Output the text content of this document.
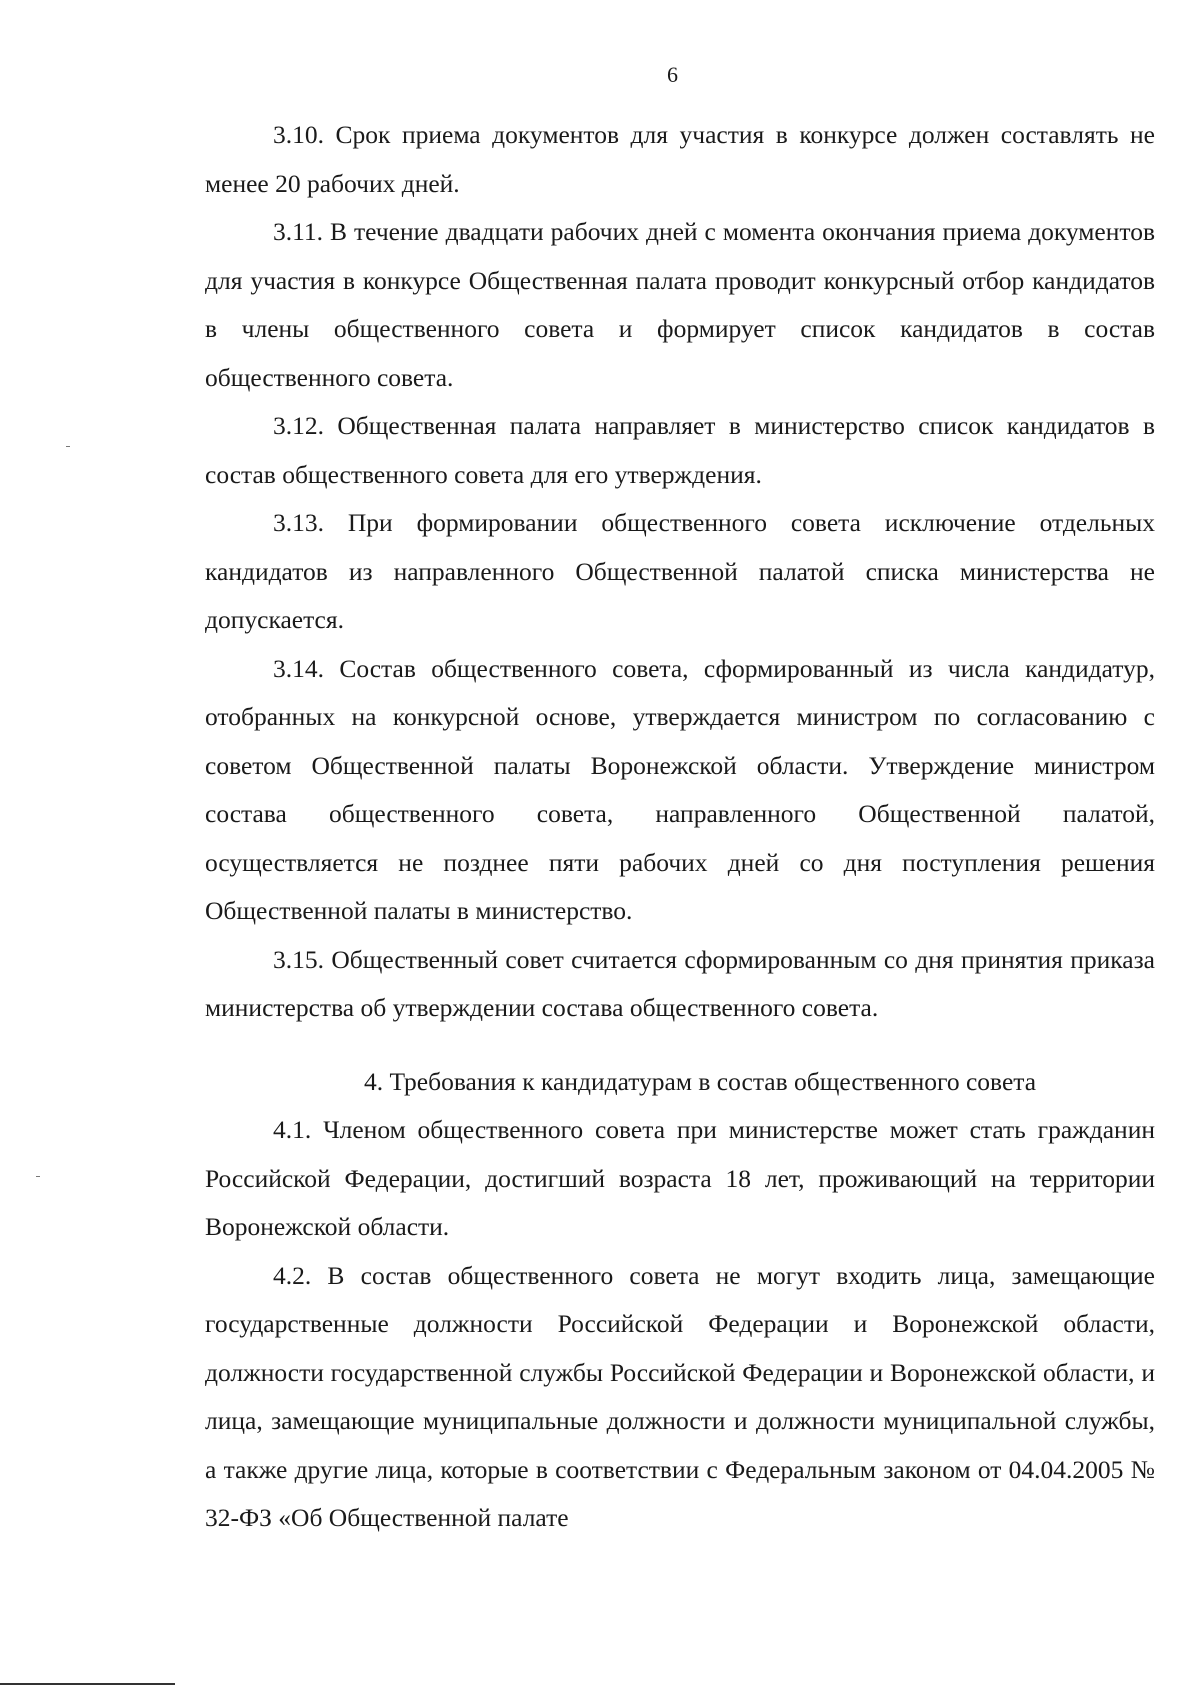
6

3.10. Срок приема документов для участия в конкурсе должен составлять не менее 20 рабочих дней.

3.11. В течение двадцати рабочих дней с момента окончания приема документов для участия в конкурсе Общественная палата проводит конкурсный отбор кандидатов в члены общественного совета и формирует список кандидатов в состав общественного совета.

3.12. Общественная палата направляет в министерство список кандидатов в состав общественного совета для его утверждения.

3.13. При формировании общественного совета исключение отдельных кандидатов из направленного Общественной палатой списка министерства не допускается.

3.14. Состав общественного совета, сформированный из числа кандидатур, отобранных на конкурсной основе, утверждается министром по согласованию с советом Общественной палаты Воронежской области. Утверждение министром состава общественного совета, направленного Общественной палатой, осуществляется не позднее пяти рабочих дней со дня поступления решения Общественной палаты в министерство.

3.15. Общественный совет считается сформированным со дня принятия приказа министерства об утверждении состава общественного совета.

4. Требования к кандидатурам в состав общественного совета

4.1. Членом общественного совета при министерстве может стать гражданин Российской Федерации, достигший возраста 18 лет, проживающий на территории Воронежской области.

4.2. В состав общественного совета не могут входить лица, замещающие государственные должности Российской Федерации и Воронежской области, должности государственной службы Российской Федерации и Воронежской области, и лица, замещающие муниципальные должности и должности муниципальной службы, а также другие лица, которые в соответствии с Федеральным законом от 04.04.2005 № 32-ФЗ «Об Общественной палате
